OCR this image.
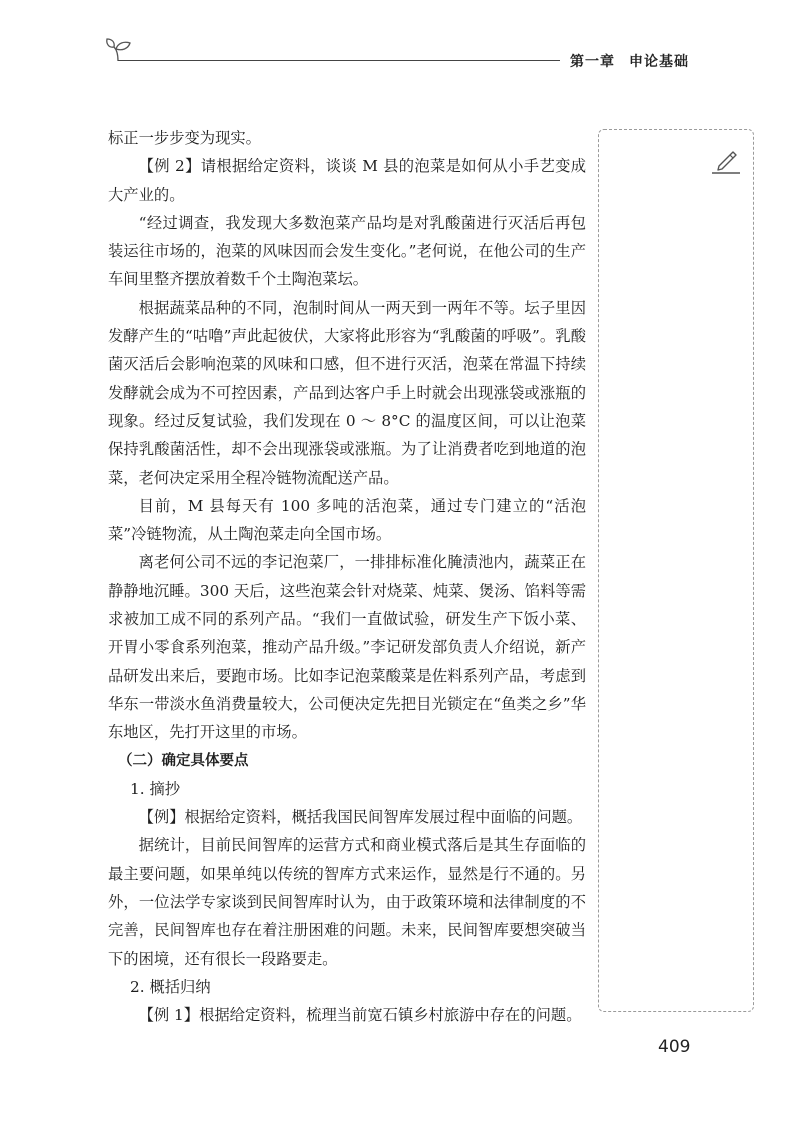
第一章 申论基础

标正一步步变为现实。

【例 2】请根据给定资料，谈谈 M 县的泡菜是如何从小手艺变成大产业的。

“经过调查，我发现大多数泡菜产品均是对乳酸菌进行灭活后再包装运往市场的，泡菜的风味因而会发生变化。”老何说，在他公司的生产车间里整齐摆放着数千个土陶泡菜坛。

根据蔬菜品种的不同，泡制时间从一两天到一两年不等。坛子里因发酵产生的“咕噜”声此起彼伏，大家将此形容为“乳酸菌的呼吸”。乳酸菌灭活后会影响泡菜的风味和口感，但不进行灭活，泡菜在常温下持续发酵就会成为不可控因素，产品到达客户手上时就会出现涨袋或涨瓶的现象。经过反复试验，我们发现在 0 ～ 8°C 的温度区间，可以让泡菜保持乳酸菌活性，却不会出现涨袋或涨瓶。为了让消费者吃到地道的泡菜，老何决定采用全程冷链物流配送产品。

目前，M 县每天有 100 多吨的活泡菜，通过专门建立的“活泡菜”冷链物流，从土陶泡菜走向全国市场。

离老何公司不远的李记泡菜厂，一排排标准化腌渍池内，蔬菜正在静静地沉睡。300 天后，这些泡菜会针对烧菜、炖菜、煲汤、馅料等需求被加工成不同的系列产品。“我们一直做试验，研发生产下饭小菜、开胃小零食系列泡菜，推动产品升级。”李记研发部负责人介绍说，新产品研发出来后，要跑市场。比如李记泡菜酸菜是佐料系列产品，考虑到华东一带淡水鱼消费量较大，公司便决定先把目光锁定在“鱼类之乡”华东地区，先打开这里的市场。

（二）确定具体要点

1. 摘抄

【例】根据给定资料，概括我国民间智库发展过程中面临的问题。

据统计，目前民间智库的运营方式和商业模式落后是其生存面临的最主要问题，如果单纯以传统的智库方式来运作，显然是行不通的。另外，一位法学专家谈到民间智库时认为，由于政策环境和法律制度的不完善，民间智库也存在着注册困难的问题。未来，民间智库要想突破当下的困境，还有很长一段路要走。

2. 概括归纳

【例 1】根据给定资料，梳理当前宽石镇乡村旅游中存在的问题。

409
